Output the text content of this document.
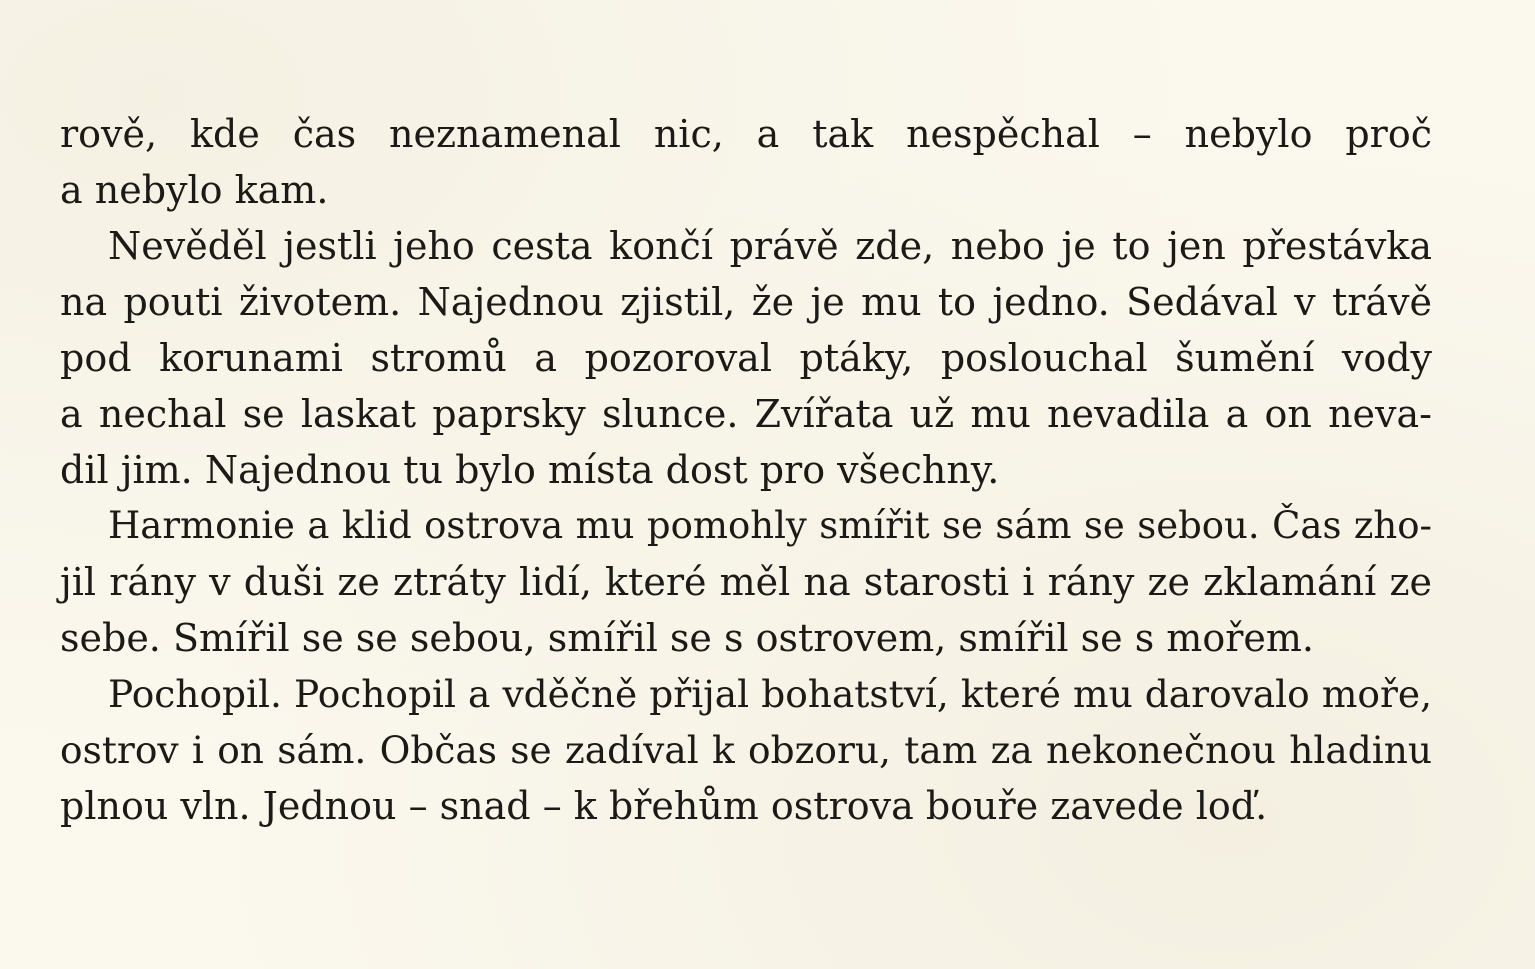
rově, kde čas neznamenal nic, a tak nespěchal – nebylo proč
a nebylo kam.
Nevěděl jestli jeho cesta končí právě zde, nebo je to jen přestávka
na pouti životem. Najednou zjistil, že je mu to jedno. Sedával v trávě
pod korunami stromů a pozoroval ptáky, poslouchal šumění vody
a nechal se laskat paprsky slunce. Zvířata už mu nevadila a on neva-
dil jim. Najednou tu bylo místa dost pro všechny.
Harmonie a klid ostrova mu pomohly smířit se sám se sebou. Čas zho-
jil rány v duši ze ztráty lidí, které měl na starosti i rány ze zklamání ze
sebe. Smířil se se sebou, smířil se s ostrovem, smířil se s mořem.
Pochopil. Pochopil a vděčně přijal bohatství, které mu darovalo moře,
ostrov i on sám. Občas se zadíval k obzoru, tam za nekonečnou hladinu
plnou vln. Jednou – snad – k břehům ostrova bouře zavede loď.
